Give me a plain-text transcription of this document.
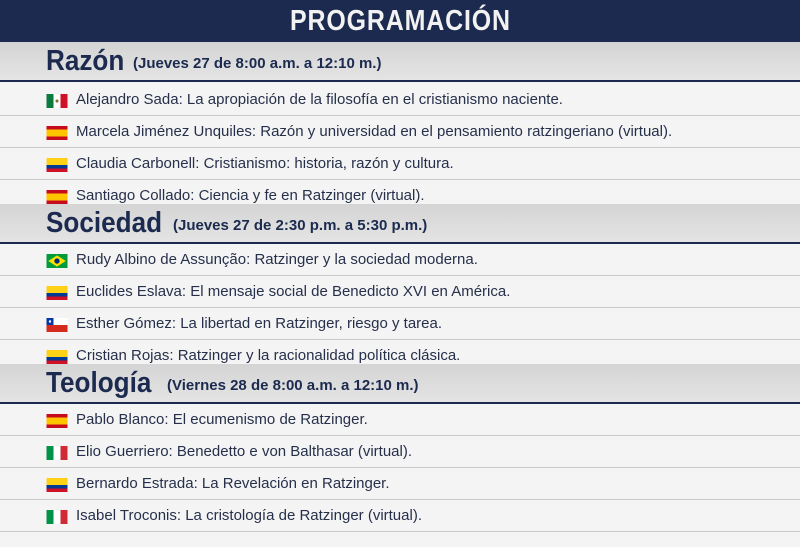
PROGRAMACIÓN
Razón (Jueves 27 de 8:00 a.m. a 12:10 m.)
Alejandro Sada: La apropiación de la filosofía en el cristianismo naciente.
Marcela Jiménez Unquiles: Razón y universidad en el pensamiento ratzingeriano (virtual).
Claudia Carbonell: Cristianismo: historia, razón y cultura.
Santiago Collado: Ciencia y fe en Ratzinger (virtual).
Sociedad (Jueves 27 de 2:30 p.m. a 5:30 p.m.)
Rudy Albino de Assunção: Ratzinger y la sociedad moderna.
Euclides Eslava: El mensaje social de Benedicto XVI en América.
Esther Gómez: La libertad en Ratzinger, riesgo y tarea.
Cristian Rojas: Ratzinger y la racionalidad política clásica.
Teología (Viernes 28 de 8:00 a.m. a 12:10 m.)
Pablo Blanco: El ecumenismo de Ratzinger.
Elio Guerriero: Benedetto e von Balthasar (virtual).
Bernardo Estrada: La Revelación en Ratzinger.
Isabel Troconis: La cristología de Ratzinger (virtual).
